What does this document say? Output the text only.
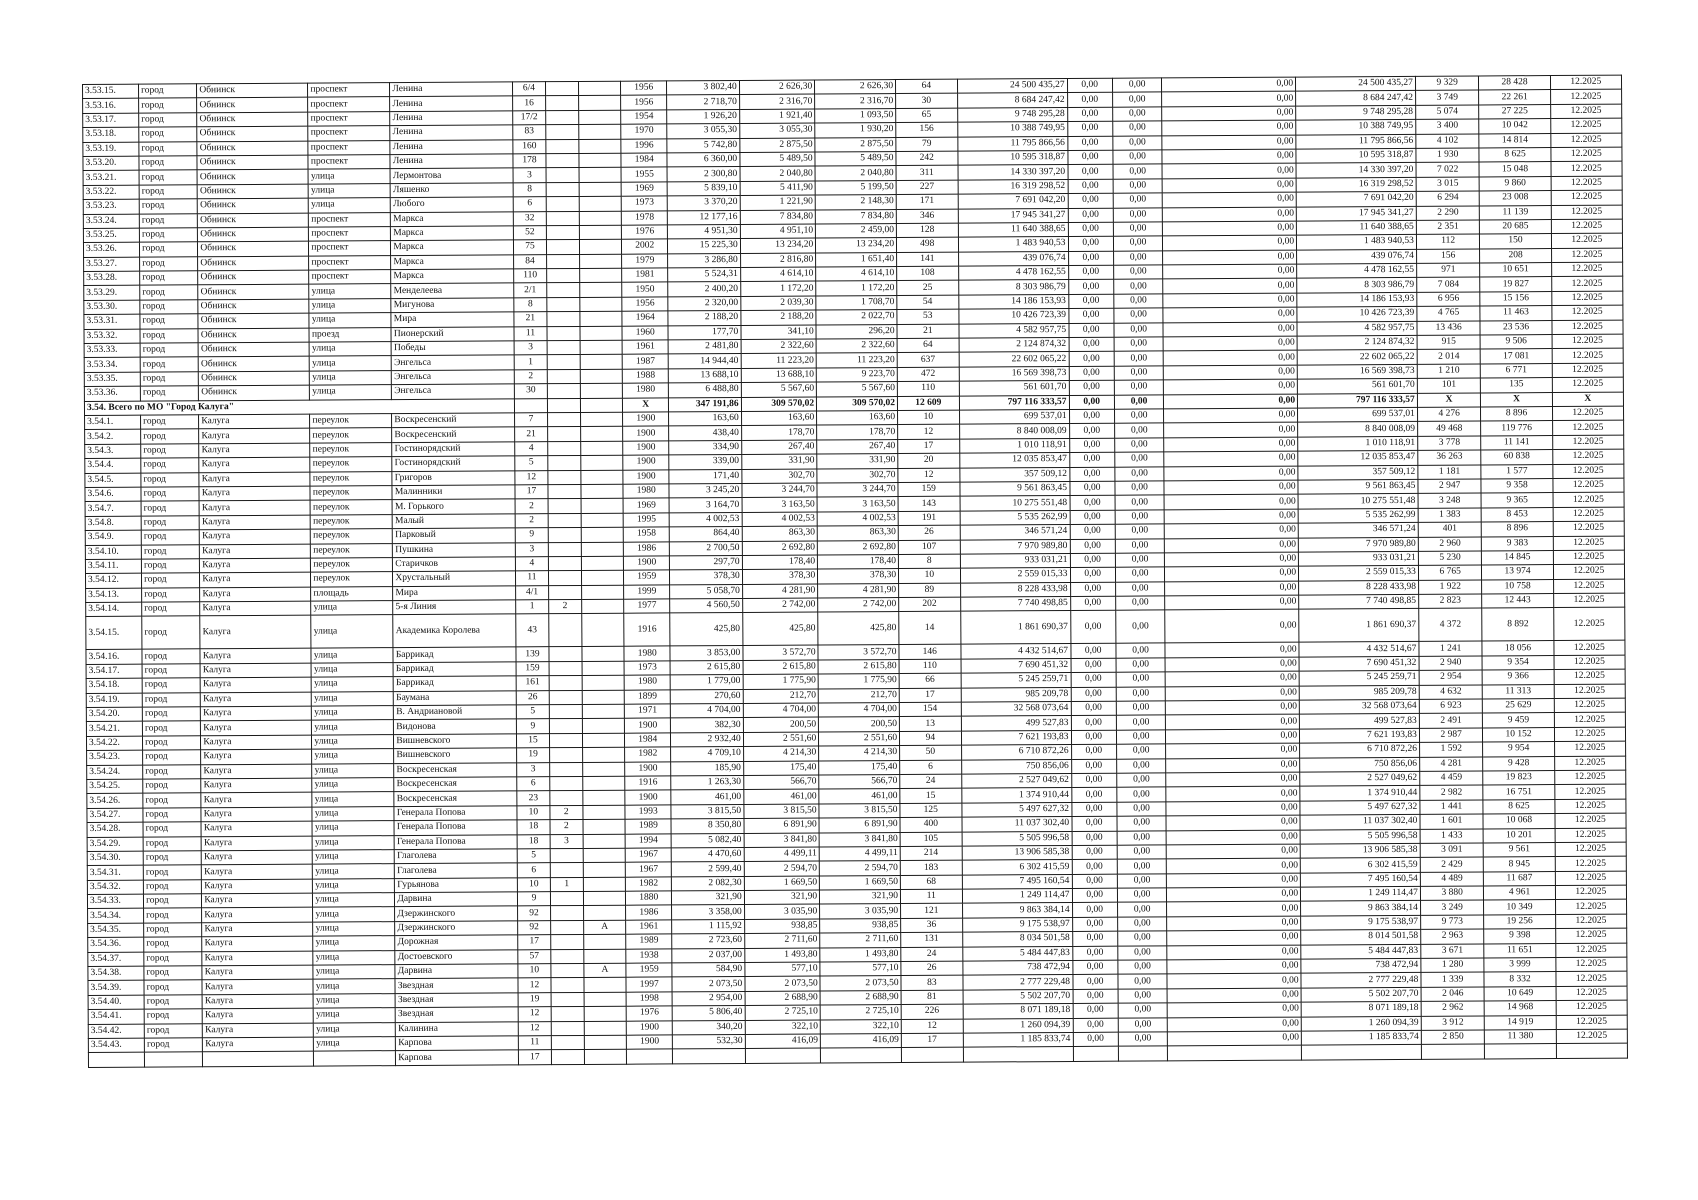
3.53.15.	город	Обнинск	проспект	Ленина	6/4			1956	3 802,40	2 626,30	2 626,30	64	24 500 435,27	0,00	0,00	0,00	24 500 435,27	9 329	28 428	12.2025
3.53.16.	город	Обнинск	проспект	Ленина	16			1956	2 718,70	2 316,70	2 316,70	30	8 684 247,42	0,00	0,00	0,00	8 684 247,42	3 749	22 261	12.2025
3.53.17.	город	Обнинск	проспект	Ленина	17/2			1954	1 926,20	1 921,40	1 093,50	65	9 748 295,28	0,00	0,00	0,00	9 748 295,28	5 074	27 225	12.2025
3.53.18.	город	Обнинск	проспект	Ленина	83			1970	3 055,30	3 055,30	1 930,20	156	10 388 749,95	0,00	0,00	0,00	10 388 749,95	3 400	10 042	12.2025
3.53.19.	город	Обнинск	проспект	Ленина	160			1996	5 742,80	2 875,50	2 875,50	79	11 795 866,56	0,00	0,00	0,00	11 795 866,56	4 102	14 814	12.2025
3.53.20.	город	Обнинск	проспект	Ленина	178			1984	6 360,00	5 489,50	5 489,50	242	10 595 318,87	0,00	0,00	0,00	10 595 318,87	1 930	8 625	12.2025
3.53.21.	город	Обнинск	улица	Лермонтова	3			1955	2 300,80	2 040,80	2 040,80	311	14 330 397,20	0,00	0,00	0,00	14 330 397,20	7 022	15 048	12.2025
3.53.22.	город	Обнинск	улица	Ляшенко	8			1969	5 839,10	5 411,90	5 199,50	227	16 319 298,52	0,00	0,00	0,00	16 319 298,52	3 015	9 860	12.2025
3.53.23.	город	Обнинск	улица	Любого	6			1973	3 370,20	1 221,90	2 148,30	171	7 691 042,20	0,00	0,00	0,00	7 691 042,20	6 294	23 008	12.2025
3.53.24.	город	Обнинск	проспект	Маркса	32			1978	12 177,16	7 834,80	7 834,80	346	17 945 341,27	0,00	0,00	0,00	17 945 341,27	2 290	11 139	12.2025
3.53.25.	город	Обнинск	проспект	Маркса	52			1976	4 951,30	4 951,10	2 459,00	128	11 640 388,65	0,00	0,00	0,00	11 640 388,65	2 351	20 685	12.2025
3.53.26.	город	Обнинск	проспект	Маркса	75			2002	15 225,30	13 234,20	13 234,20	498	1 483 940,53	0,00	0,00	0,00	1 483 940,53	112	150	12.2025
3.53.27.	город	Обнинск	проспект	Маркса	84			1979	3 286,80	2 816,80	1 651,40	141	439 076,74	0,00	0,00	0,00	439 076,74	156	208	12.2025
3.53.28.	город	Обнинск	проспект	Маркса	110			1981	5 524,31	4 614,10	4 614,10	108	4 478 162,55	0,00	0,00	0,00	4 478 162,55	971	10 651	12.2025
3.53.29.	город	Обнинск	улица	Менделеева	2/1			1950	2 400,20	1 172,20	1 172,20	25	8 303 986,79	0,00	0,00	0,00	8 303 986,79	7 084	19 827	12.2025
3.53.30.	город	Обнинск	улица	Мигунова	8			1956	2 320,00	2 039,30	1 708,70	54	14 186 153,93	0,00	0,00	0,00	14 186 153,93	6 956	15 156	12.2025
3.53.31.	город	Обнинск	улица	Мира	21			1964	2 188,20	2 188,20	2 022,70	53	10 426 723,39	0,00	0,00	0,00	10 426 723,39	4 765	11 463	12.2025
3.53.32.	город	Обнинск	проезд	Пионерский	11			1960	177,70	341,10	296,20	21	4 582 957,75	0,00	0,00	0,00	4 582 957,75	13 436	23 536	12.2025
3.53.33.	город	Обнинск	улица	Победы	3			1961	2 481,80	2 322,60	2 322,60	64	2 124 874,32	0,00	0,00	0,00	2 124 874,32	915	9 506	12.2025
3.53.34.	город	Обнинск	улица	Энгельса	1			1987	14 944,40	11 223,20	11 223,20	637	22 602 065,22	0,00	0,00	0,00	22 602 065,22	2 014	17 081	12.2025
3.53.35.	город	Обнинск	улица	Энгельса	2			1988	13 688,10	13 688,10	9 223,70	472	16 569 398,73	0,00	0,00	0,00	16 569 398,73	1 210	6 771	12.2025
3.53.36.	город	Обнинск	улица	Энгельса	30			1980	6 488,80	5 567,60	5 567,60	110	561 601,70	0,00	0,00	0,00	561 601,70	101	135	12.2025
3.54. Всего по МО "Город Калуга"								X	347 191,86	309 570,02	309 570,02	12 609	797 116 333,57	0,00	0,00	0,00	797 116 333,57	X	X	X
3.54.1.	город	Калуга	переулок	Воскресенский	7			1900	163,60	163,60	163,60	10	699 537,01	0,00	0,00	0,00	699 537,01	4 276	8 896	12.2025
3.54.2.	город	Калуга	переулок	Воскресенский	21			1900	438,40	178,70	178,70	12	8 840 008,09	0,00	0,00	0,00	8 840 008,09	49 468	119 776	12.2025
3.54.3.	город	Калуга	переулок	Гостинорядский	4			1900	334,90	267,40	267,40	17	1 010 118,91	0,00	0,00	0,00	1 010 118,91	3 778	11 141	12.2025
3.54.4.	город	Калуга	переулок	Гостинорядский	5			1900	339,00	331,90	331,90	20	12 035 853,47	0,00	0,00	0,00	12 035 853,47	36 263	60 838	12.2025
3.54.5.	город	Калуга	переулок	Григоров	12			1900	171,40	302,70	302,70	12	357 509,12	0,00	0,00	0,00	357 509,12	1 181	1 577	12.2025
3.54.6.	город	Калуга	переулок	Малинники	17			1980	3 245,20	3 244,70	3 244,70	159	9 561 863,45	0,00	0,00	0,00	9 561 863,45	2 947	9 358	12.2025
3.54.7.	город	Калуга	переулок	М. Горького	2			1969	3 164,70	3 163,50	3 163,50	143	10 275 551,48	0,00	0,00	0,00	10 275 551,48	3 248	9 365	12.2025
3.54.8.	город	Калуга	переулок	Малый	2			1995	4 002,53	4 002,53	4 002,53	191	5 535 262,99	0,00	0,00	0,00	5 535 262,99	1 383	8 453	12.2025
3.54.9.	город	Калуга	переулок	Парковый	9			1958	864,40	863,30	863,30	26	346 571,24	0,00	0,00	0,00	346 571,24	401	8 896	12.2025
3.54.10.	город	Калуга	переулок	Пушкина	3			1986	2 700,50	2 692,80	2 692,80	107	7 970 989,80	0,00	0,00	0,00	7 970 989,80	2 960	9 383	12.2025
3.54.11.	город	Калуга	переулок	Старичков	4			1900	297,70	178,40	178,40	8	933 031,21	0,00	0,00	0,00	933 031,21	5 230	14 845	12.2025
3.54.12.	город	Калуга	переулок	Хрустальный	11			1959	378,30	378,30	378,30	10	2 559 015,33	0,00	0,00	0,00	2 559 015,33	6 765	13 974	12.2025
3.54.13.	город	Калуга	площадь	Мира	4/1			1999	5 058,70	4 281,90	4 281,90	89	8 228 433,98	0,00	0,00	0,00	8 228 433,98	1 922	10 758	12.2025
3.54.14.	город	Калуга	улица	5-я Линия	1	2		1977	4 560,50	2 742,00	2 742,00	202	7 740 498,85	0,00	0,00	0,00	7 740 498,85	2 823	12 443	12.2025
3.54.15.	город	Калуга	улица	Академика Королева	43			1916	425,80	425,80	425,80	14	1 861 690,37	0,00	0,00	0,00	1 861 690,37	4 372	8 892	12.2025
3.54.16.	город	Калуга	улица	Баррикад	139			1980	3 853,00	3 572,70	3 572,70	146	4 432 514,67	0,00	0,00	0,00	4 432 514,67	1 241	18 056	12.2025
3.54.17.	город	Калуга	улица	Баррикад	159			1973	2 615,80	2 615,80	2 615,80	110	7 690 451,32	0,00	0,00	0,00	7 690 451,32	2 940	9 354	12.2025
3.54.18.	город	Калуга	улица	Баррикад	161			1980	1 779,00	1 775,90	1 775,90	66	5 245 259,71	0,00	0,00	0,00	5 245 259,71	2 954	9 366	12.2025
3.54.19.	город	Калуга	улица	Баумана	26			1899	270,60	212,70	212,70	17	985 209,78	0,00	0,00	0,00	985 209,78	4 632	11 313	12.2025
3.54.20.	город	Калуга	улица	В. Андриановой	5			1971	4 704,00	4 704,00	4 704,00	154	32 568 073,64	0,00	0,00	0,00	32 568 073,64	6 923	25 629	12.2025
3.54.21.	город	Калуга	улица	Видонова	9			1900	382,30	200,50	200,50	13	499 527,83	0,00	0,00	0,00	499 527,83	2 491	9 459	12.2025
3.54.22.	город	Калуга	улица	Вишневского	15			1984	2 932,40	2 551,60	2 551,60	94	7 621 193,83	0,00	0,00	0,00	7 621 193,83	2 987	10 152	12.2025
3.54.23.	город	Калуга	улица	Вишневского	19			1982	4 709,10	4 214,30	4 214,30	50	6 710 872,26	0,00	0,00	0,00	6 710 872,26	1 592	9 954	12.2025
3.54.24.	город	Калуга	улица	Воскресенская	3			1900	185,90	175,40	175,40	6	750 856,06	0,00	0,00	0,00	750 856,06	4 281	9 428	12.2025
3.54.25.	город	Калуга	улица	Воскресенская	6			1916	1 263,30	566,70	566,70	24	2 527 049,62	0,00	0,00	0,00	2 527 049,62	4 459	19 823	12.2025
3.54.26.	город	Калуга	улица	Воскресенская	23			1900	461,00	461,00	461,00	15	1 374 910,44	0,00	0,00	0,00	1 374 910,44	2 982	16 751	12.2025
3.54.27.	город	Калуга	улица	Генерала Попова	10	2		1993	3 815,50	3 815,50	3 815,50	125	5 497 627,32	0,00	0,00	0,00	5 497 627,32	1 441	8 625	12.2025
3.54.28.	город	Калуга	улица	Генерала Попова	18	2		1989	8 350,80	6 891,90	6 891,90	400	11 037 302,40	0,00	0,00	0,00	11 037 302,40	1 601	10 068	12.2025
3.54.29.	город	Калуга	улица	Генерала Попова	18	3		1994	5 082,40	3 841,80	3 841,80	105	5 505 996,58	0,00	0,00	0,00	5 505 996,58	1 433	10 201	12.2025
3.54.30.	город	Калуга	улица	Глаголева	5			1967	4 470,60	4 499,11	4 499,11	214	13 906 585,38	0,00	0,00	0,00	13 906 585,38	3 091	9 561	12.2025
3.54.31.	город	Калуга	улица	Глаголева	6			1967	2 599,40	2 594,70	2 594,70	183	6 302 415,59	0,00	0,00	0,00	6 302 415,59	2 429	8 945	12.2025
3.54.32.	город	Калуга	улица	Гурьянова	10	1		1982	2 082,30	1 669,50	1 669,50	68	7 495 160,54	0,00	0,00	0,00	7 495 160,54	4 489	11 687	12.2025
3.54.33.	город	Калуга	улица	Дарвина	9			1880	321,90	321,90	321,90	11	1 249 114,47	0,00	0,00	0,00	1 249 114,47	3 880	4 961	12.2025
3.54.34.	город	Калуга	улица	Дзержинского	92			1986	3 358,00	3 035,90	3 035,90	121	9 863 384,14	0,00	0,00	0,00	9 863 384,14	3 249	10 349	12.2025
3.54.35.	город	Калуга	улица	Дзержинского	92		А	1961	1 115,92	938,85	938,85	36	9 175 538,97	0,00	0,00	0,00	9 175 538,97	9 773	19 256	12.2025
3.54.36.	город	Калуга	улица	Дорожная	17			1989	2 723,60	2 711,60	2 711,60	131	8 034 501,58	0,00	0,00	0,00	8 014 501,58	2 963	9 398	12.2025
3.54.37.	город	Калуга	улица	Достоевского	57			1938	2 037,00	1 493,80	1 493,80	24	5 484 447,83	0,00	0,00	0,00	5 484 447,83	3 671	11 651	12.2025
3.54.38.	город	Калуга	улица	Дарвина	10		А	1959	584,90	577,10	577,10	26	738 472,94	0,00	0,00	0,00	738 472,94	1 280	3 999	12.2025
3.54.39.	город	Калуга	улица	Звездная	12			1997	2 073,50	2 073,50	2 073,50	83	2 777 229,48	0,00	0,00	0,00	2 777 229,48	1 339	8 332	12.2025
3.54.40.	город	Калуга	улица	Звездная	19			1998	2 954,00	2 688,90	2 688,90	81	5 502 207,70	0,00	0,00	0,00	5 502 207,70	2 046	10 649	12.2025
3.54.41.	город	Калуга	улица	Звездная	12			1976	5 806,40	2 725,10	2 725,10	226	8 071 189,18	0,00	0,00	0,00	8 071 189,18	2 962	14 968	12.2025
3.54.42.	город	Калуга	улица	Калинина	12			1900	340,20	322,10	322,10	12	1 260 094,39	0,00	0,00	0,00	1 260 094,39	3 912	14 919	12.2025
3.54.43.	город	Калуга	улица	Карпова	11			1900	532,30	416,09	416,09	17	1 185 833,74	0,00	0,00	0,00	1 185 833,74	2 850	11 380	12.2025
				Карпова	17															
